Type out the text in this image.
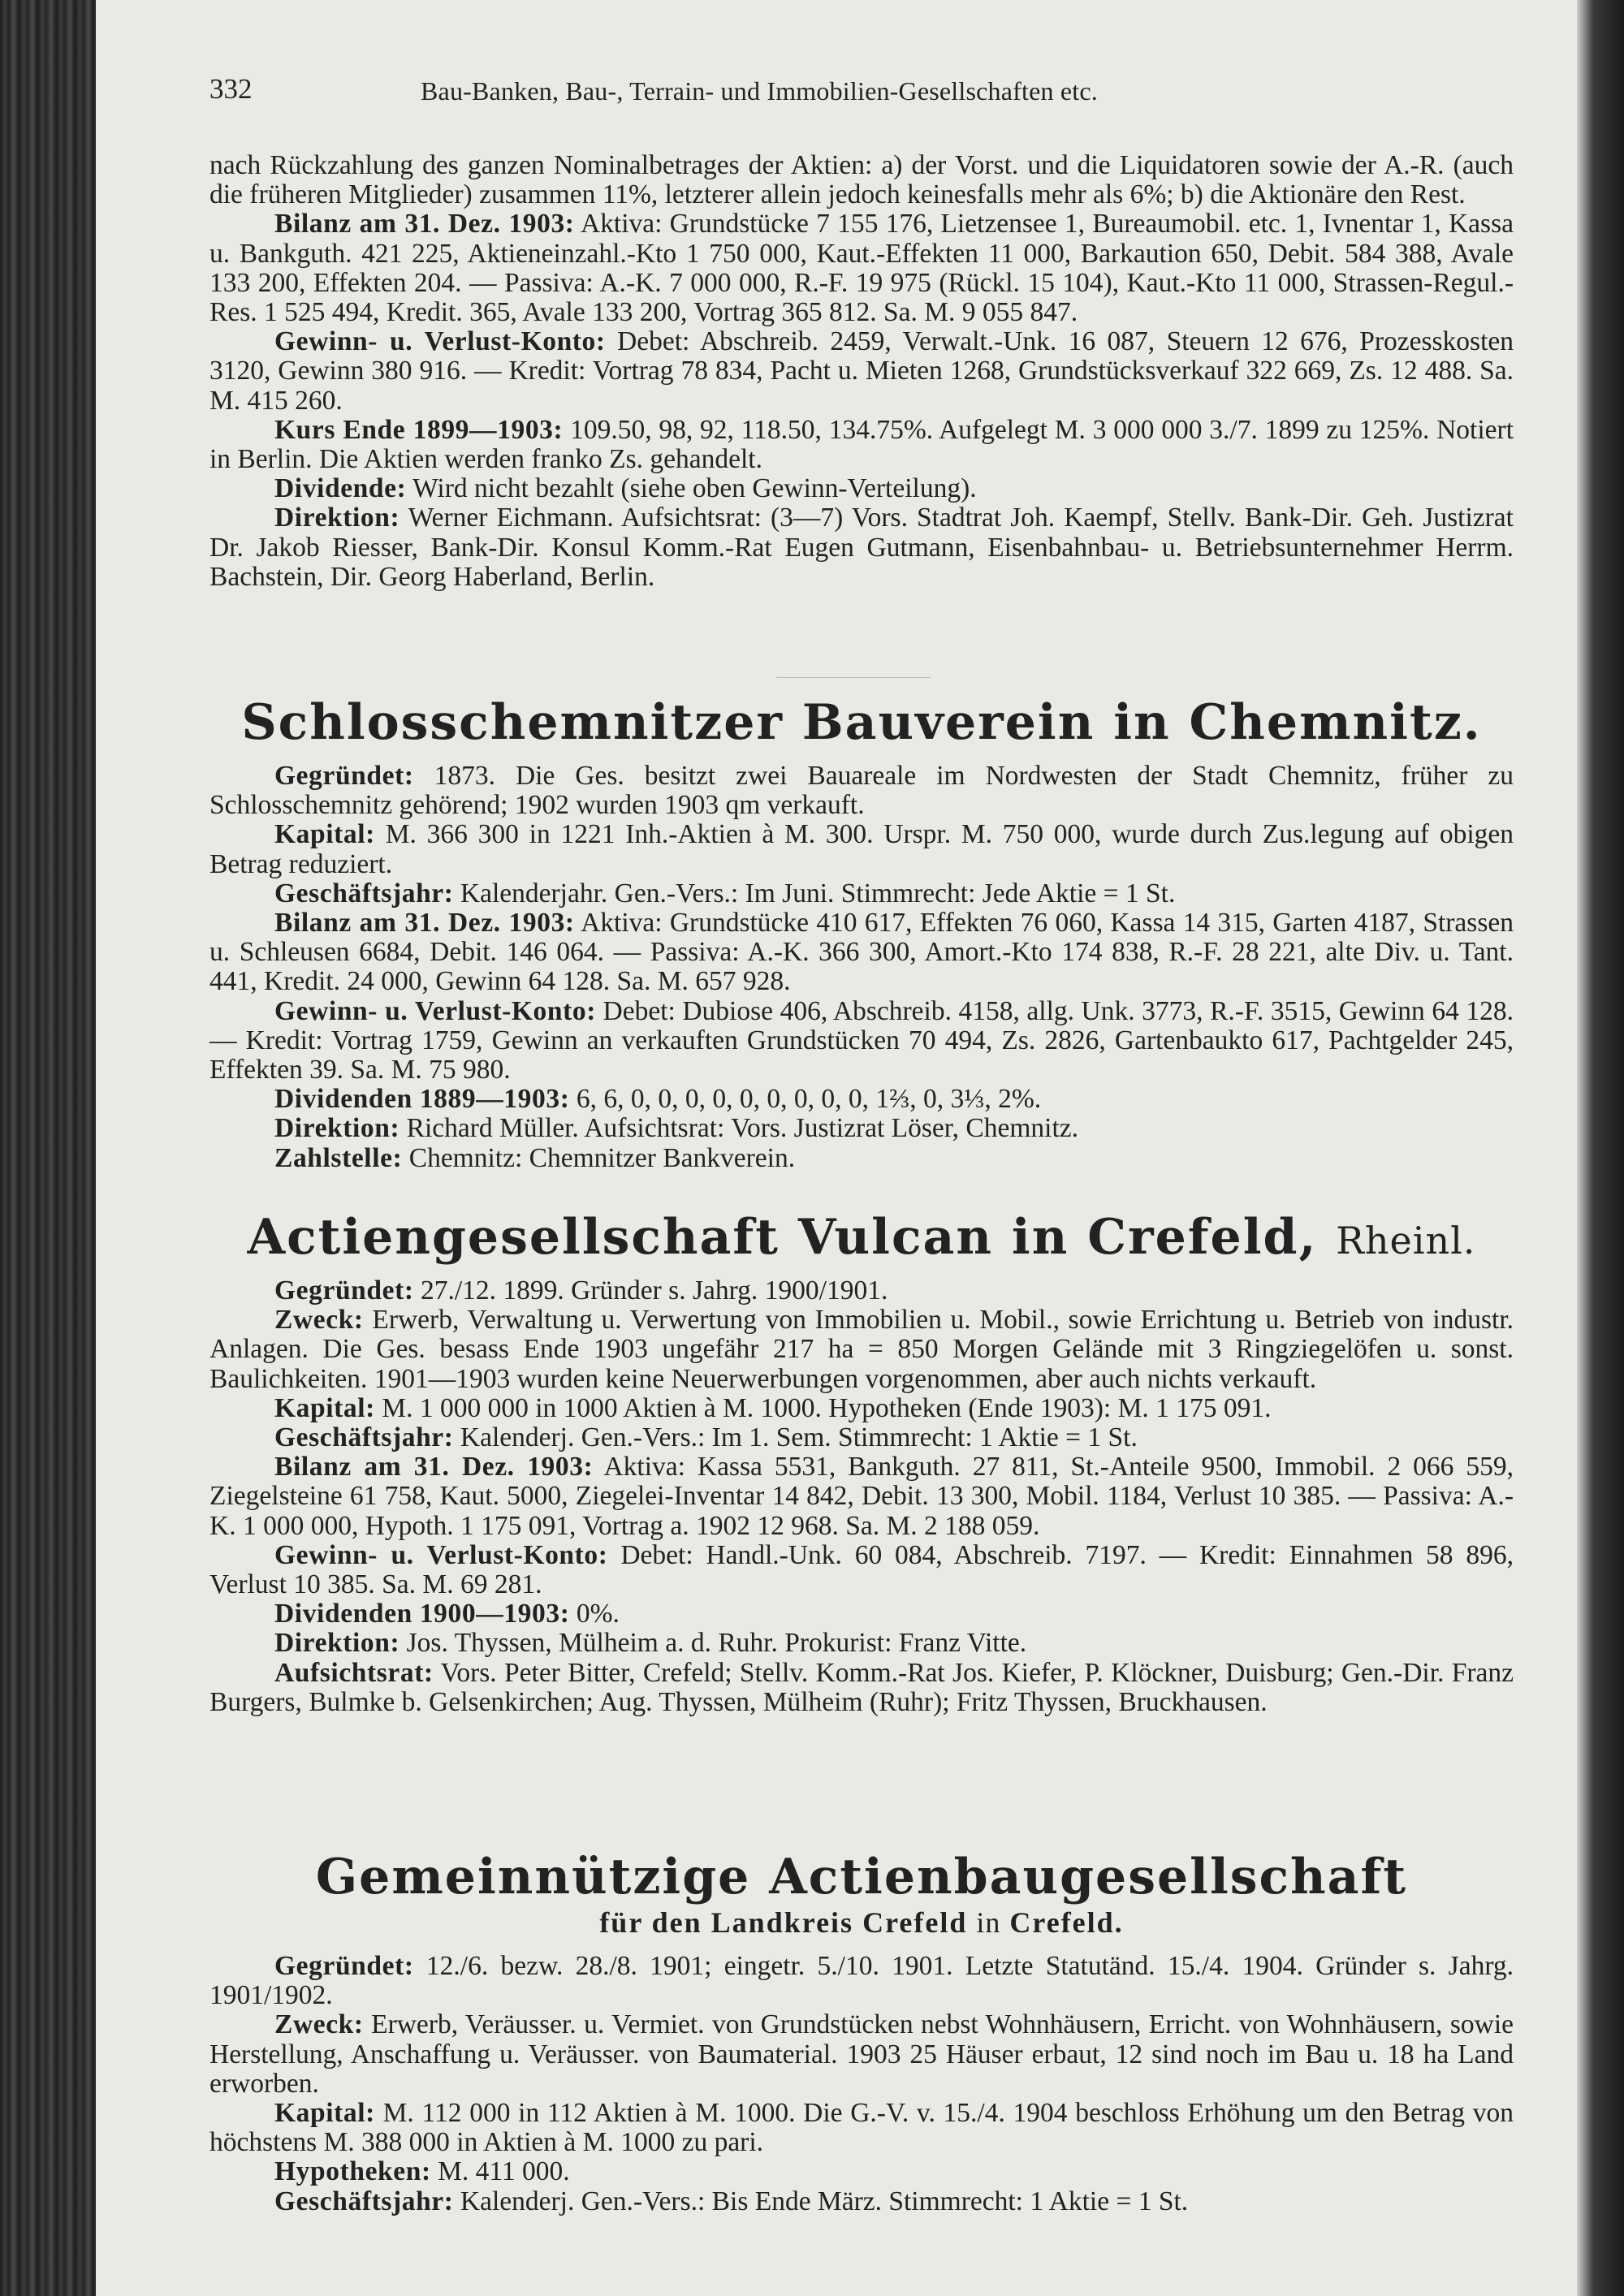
332	Bau-Banken, Bau-, Terrain- und Immobilien-Gesellschaften etc.

nach Rückzahlung des ganzen Nominalbetrages der Aktien: a) der Vorst. und die Liquidatoren sowie der A.-R. (auch die früheren Mitglieder) zusammen 11%, letzterer allein jedoch keinesfalls mehr als 6%; b) die Aktionäre den Rest.

Bilanz am 31. Dez. 1903: Aktiva: Grundstücke 7 155 176, Lietzensee 1, Bureaumobil. etc. 1, Ivnentar 1, Kassa u. Bankguth. 421 225, Aktieneinzahl.-Kto 1 750 000, Kaut.-Effekten 11 000, Barkaution 650, Debit. 584 388, Avale 133 200, Effekten 204. — Passiva: A.-K. 7 000 000, R.-F. 19 975 (Rückl. 15 104), Kaut.-Kto 11 000, Strassen-Regul.-Res. 1 525 494, Kredit. 365, Avale 133 200, Vortrag 365 812. Sa. M. 9 055 847.

Gewinn- u. Verlust-Konto: Debet: Abschreib. 2459, Verwalt.-Unk. 16 087, Steuern 12 676, Prozesskosten 3120, Gewinn 380 916. — Kredit: Vortrag 78 834, Pacht u. Mieten 1268, Grundstücksverkauf 322 669, Zs. 12 488. Sa. M. 415 260.

Kurs Ende 1899—1903: 109.50, 98, 92, 118.50, 134.75%. Aufgelegt M. 3 000 000 3./7. 1899 zu 125%. Notiert in Berlin. Die Aktien werden franko Zs. gehandelt.

Dividende: Wird nicht bezahlt (siehe oben Gewinn-Verteilung).

Direktion: Werner Eichmann. Aufsichtsrat: (3—7) Vors. Stadtrat Joh. Kaempf, Stellv. Bank-Dir. Geh. Justizrat Dr. Jakob Riesser, Bank-Dir. Konsul Komm.-Rat Eugen Gutmann, Eisenbahnbau- u. Betriebsunternehmer Herrm. Bachstein, Dir. Georg Haberland, Berlin.

Schlosschemnitzer Bauverein in Chemnitz.

Gegründet: 1873. Die Ges. besitzt zwei Bauareale im Nordwesten der Stadt Chemnitz, früher zu Schlosschemnitz gehörend; 1902 wurden 1903 qm verkauft.

Kapital: M. 366 300 in 1221 Inh.-Aktien à M. 300. Urspr. M. 750 000, wurde durch Zus.legung auf obigen Betrag reduziert.

Geschäftsjahr: Kalenderjahr. Gen.-Vers.: Im Juni. Stimmrecht: Jede Aktie = 1 St.

Bilanz am 31. Dez. 1903: Aktiva: Grundstücke 410 617, Effekten 76 060, Kassa 14 315, Garten 4187, Strassen u. Schleusen 6684, Debit. 146 064. — Passiva: A.-K. 366 300, Amort.-Kto 174 838, R.-F. 28 221, alte Div. u. Tant. 441, Kredit. 24 000, Gewinn 64 128. Sa. M. 657 928.

Gewinn- u. Verlust-Konto: Debet: Dubiose 406, Abschreib. 4158, allg. Unk. 3773, R.-F. 3515, Gewinn 64 128. — Kredit: Vortrag 1759, Gewinn an verkauften Grundstücken 70 494, Zs. 2826, Gartenbaukto 617, Pachtgelder 245, Effekten 39. Sa. M. 75 980.

Dividenden 1889—1903: 6, 6, 0, 0, 0, 0, 0, 0, 0, 0, 0, 1⅔, 0, 3⅓, 2%.

Direktion: Richard Müller. Aufsichtsrat: Vors. Justizrat Löser, Chemnitz.

Zahlstelle: Chemnitz: Chemnitzer Bankverein.

Actiengesellschaft Vulcan in Crefeld, Rheinl.

Gegründet: 27./12. 1899. Gründer s. Jahrg. 1900/1901.

Zweck: Erwerb, Verwaltung u. Verwertung von Immobilien u. Mobil., sowie Errichtung u. Betrieb von industr. Anlagen. Die Ges. besass Ende 1903 ungefähr 217 ha = 850 Morgen Gelände mit 3 Ringziegelöfen u. sonst. Baulichkeiten. 1901—1903 wurden keine Neuerwerbungen vorgenommen, aber auch nichts verkauft.

Kapital: M. 1 000 000 in 1000 Aktien à M. 1000. Hypotheken (Ende 1903): M. 1 175 091.

Geschäftsjahr: Kalenderj. Gen.-Vers.: Im 1. Sem. Stimmrecht: 1 Aktie = 1 St.

Bilanz am 31. Dez. 1903: Aktiva: Kassa 5531, Bankguth. 27 811, St.-Anteile 9500, Immobil. 2 066 559, Ziegelsteine 61 758, Kaut. 5000, Ziegelei-Inventar 14 842, Debit. 13 300, Mobil. 1184, Verlust 10 385. — Passiva: A.-K. 1 000 000, Hypoth. 1 175 091, Vortrag a. 1902 12 968. Sa. M. 2 188 059.

Gewinn- u. Verlust-Konto: Debet: Handl.-Unk. 60 084, Abschreib. 7197. — Kredit: Einnahmen 58 896, Verlust 10 385. Sa. M. 69 281.

Dividenden 1900—1903: 0%.

Direktion: Jos. Thyssen, Mülheim a. d. Ruhr. Prokurist: Franz Vitte.

Aufsichtsrat: Vors. Peter Bitter, Crefeld; Stellv. Komm.-Rat Jos. Kiefer, P. Klöckner, Duisburg; Gen.-Dir. Franz Burgers, Bulmke b. Gelsenkirchen; Aug. Thyssen, Mülheim (Ruhr); Fritz Thyssen, Bruckhausen.

Gemeinnützige Actienbaugesellschaft
für den Landkreis Crefeld in Crefeld.

Gegründet: 12./6. bezw. 28./8. 1901; eingetr. 5./10. 1901. Letzte Statutänd. 15./4. 1904. Gründer s. Jahrg. 1901/1902.

Zweck: Erwerb, Veräusser. u. Vermiet. von Grundstücken nebst Wohnhäusern, Erricht. von Wohnhäusern, sowie Herstellung, Anschaffung u. Veräusser. von Baumaterial. 1903 25 Häuser erbaut, 12 sind noch im Bau u. 18 ha Land erworben.

Kapital: M. 112 000 in 112 Aktien à M. 1000. Die G.-V. v. 15./4. 1904 beschloss Erhöhung um den Betrag von höchstens M. 388 000 in Aktien à M. 1000 zu pari.

Hypotheken: M. 411 000.

Geschäftsjahr: Kalenderj. Gen.-Vers.: Bis Ende März. Stimmrecht: 1 Aktie = 1 St.
